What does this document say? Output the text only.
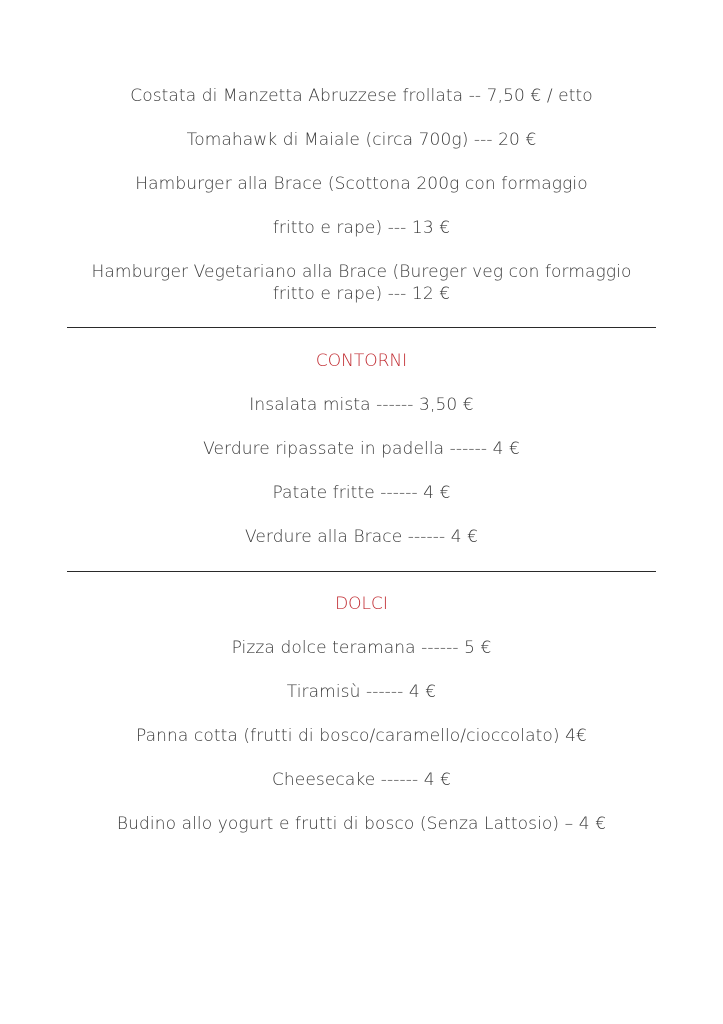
Costata di Manzetta Abruzzese frollata -- 7,50 € / etto
Tomahawk di Maiale (circa 700g) --- 20 €
Hamburger alla Brace (Scottona 200g con formaggio
fritto e rape) --- 13 €
Hamburger Vegetariano alla Brace (Bureger veg con formaggio
fritto e rape) --- 12 €
CONTORNI
Insalata mista ------ 3,50 €
Verdure ripassate in padella ------ 4 €
Patate fritte ------ 4 €
Verdure alla Brace ------ 4 €
DOLCI
Pizza dolce teramana ------ 5 €
Tiramisù ------ 4 €
Panna cotta (frutti di bosco/caramello/cioccolato) 4€
Cheesecake ------ 4 €
Budino allo yogurt e frutti di bosco (Senza Lattosio) – 4 €
